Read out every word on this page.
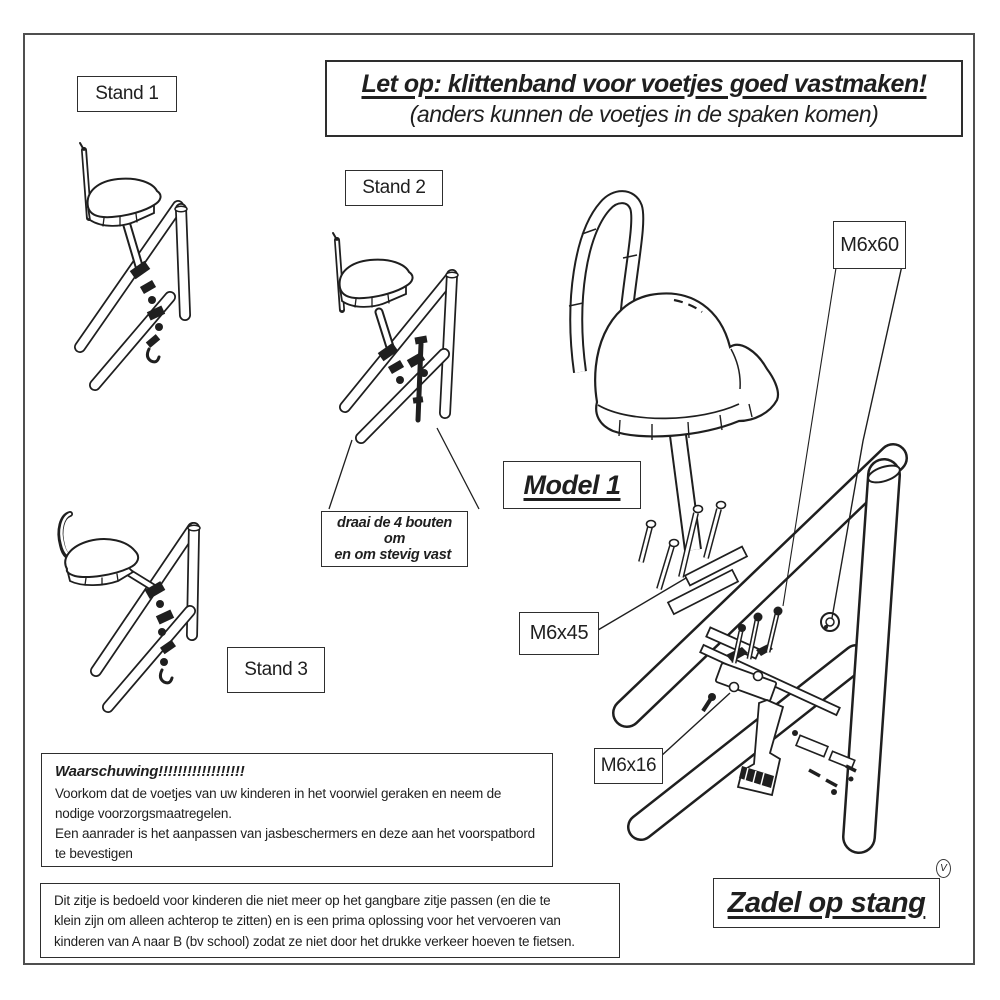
Let op: klittenband voor voetjes goed vastmaken!
(anders kunnen de voetjes in de spaken komen)
Stand 1
Stand 2
Stand 3
Model 1
M6x60
M6x45
M6x16
draai de 4 bouten om
en om stevig vast
Waarschuwing!!!!!!!!!!!!!!!!!!
Voorkom dat de voetjes van uw kinderen in het voorwiel geraken en neem de
nodige voorzorgsmaatregelen.
Een aanrader is het aanpassen van jasbeschermers en deze aan het voorspatbord
te bevestigen
Dit zitje is bedoeld voor kinderen die niet meer op het gangbare zitje passen (en die te
klein zijn om alleen achterop te zitten) en is een prima oplossing voor het vervoeren van
kinderen van A naar B (bv school) zodat ze niet door het drukke verkeer hoeven te fietsen.
Zadel op stang
V
